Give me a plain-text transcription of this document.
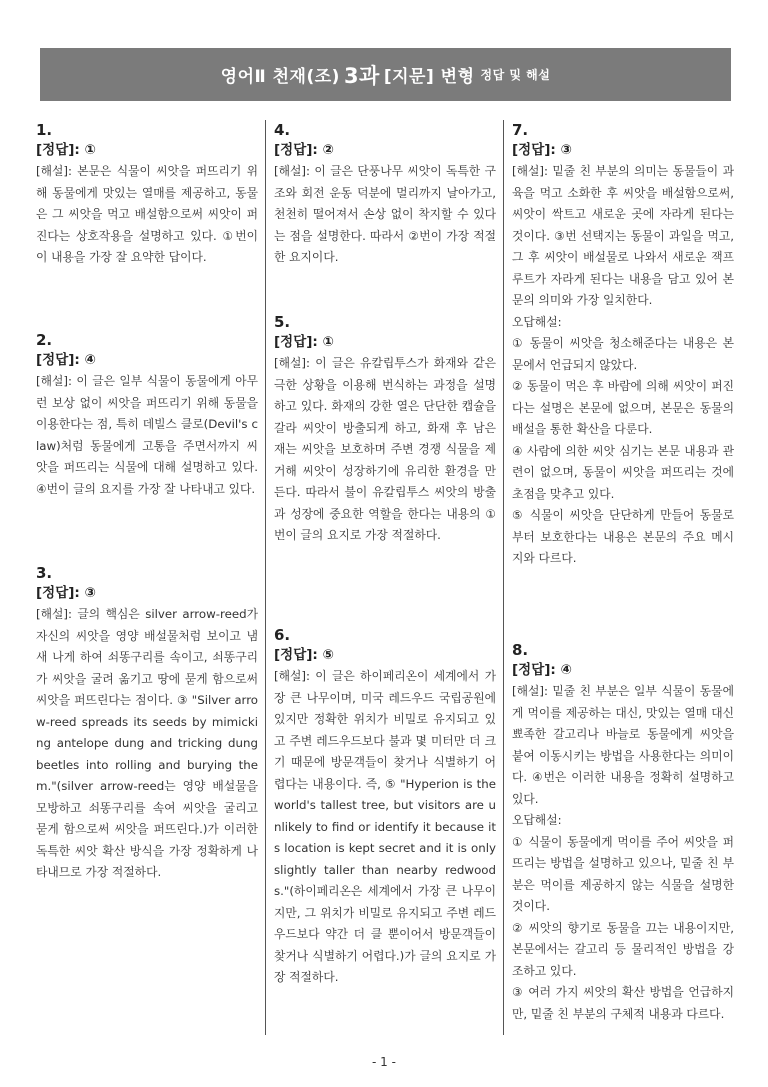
영어Ⅱ 천재(조) 3과 [지문] 변형 정답 및 해설
1.
[정답]: ①

[해설]: 본문은 식물이 씨앗을 퍼뜨리기 위해 동물에게 맛있는 열매를 제공하고, 동물은 그 씨앗을 먹고 배설함으로써 씨앗이 퍼진다는 상호작용을 설명하고 있다. ①번이 이 내용을 가장 잘 요약한 답이다.

2.
[정답]: ④

[해설]: 이 글은 일부 식물이 동물에게 아무런 보상 없이 씨앗을 퍼뜨리기 위해 동물을 이용한다는 점, 특히 데빌스 클로(Devil's claw)처럼 동물에게 고통을 주면서까지 씨앗을 퍼뜨리는 식물에 대해 설명하고 있다. ④번이 글의 요지를 가장 잘 나타내고 있다.

3.
[정답]: ③

[해설]: 글의 핵심은 silver arrow-reed가 자신의 씨앗을 영양 배설물처럼 보이고 냄새 나게 하여 쇠똥구리를 속이고, 쇠똥구리가 씨앗을 굴려 옮기고 땅에 묻게 함으로써 씨앗을 퍼뜨린다는 점이다. ③ "Silver arrow-reed spreads its seeds by mimicking antelope dung and tricking dung beetles into rolling and burying them."(silver arrow-reed는 영양 배설물을 모방하고 쇠똥구리를 속여 씨앗을 굴리고 묻게 함으로써 씨앗을 퍼뜨린다.)가 이러한 독특한 씨앗 확산 방식을 가장 정확하게 나타내므로 가장 적절하다.

4.
[정답]: ②

[해설]: 이 글은 단풍나무 씨앗이 독특한 구조와 회전 운동 덕분에 멀리까지 날아가고, 천천히 떨어져서 손상 없이 착지할 수 있다는 점을 설명한다. 따라서 ②번이 가장 적절한 요지이다.

5.
[정답]: ①

[해설]: 이 글은 유칼립투스가 화재와 같은 극한 상황을 이용해 번식하는 과정을 설명하고 있다. 화재의 강한 열은 단단한 캡슐을 갈라 씨앗이 방출되게 하고, 화재 후 남은 재는 씨앗을 보호하며 주변 경쟁 식물을 제거해 씨앗이 성장하기에 유리한 환경을 만든다. 따라서 불이 유칼립투스 씨앗의 방출과 성장에 중요한 역할을 한다는 내용의 ①번이 글의 요지로 가장 적절하다.

6.
[정답]: ⑤

[해설]: 이 글은 하이페리온이 세계에서 가장 큰 나무이며, 미국 레드우드 국립공원에 있지만 정확한 위치가 비밀로 유지되고 있고 주변 레드우드보다 불과 몇 미터만 더 크기 때문에 방문객들이 찾거나 식별하기 어렵다는 내용이다. 즉, ⑤ "Hyperion is the world's tallest tree, but visitors are unlikely to find or identify it because its location is kept secret and it is only slightly taller than nearby redwoods."(하이페리온은 세계에서 가장 큰 나무이지만, 그 위치가 비밀로 유지되고 주변 레드우드보다 약간 더 클 뿐이어서 방문객들이 찾거나 식별하기 어렵다.)가 글의 요지로 가장 적절하다.

7.
[정답]: ③

[해설]: 밑줄 친 부분의 의미는 동물들이 과육을 먹고 소화한 후 씨앗을 배설함으로써, 씨앗이 싹트고 새로운 곳에 자라게 된다는 것이다. ③번 선택지는 동물이 과일을 먹고, 그 후 씨앗이 배설물로 나와서 새로운 잭프루트가 자라게 된다는 내용을 담고 있어 본문의 의미와 가장 일치한다.

오답해설:

① 동물이 씨앗을 청소해준다는 내용은 본문에서 언급되지 않았다.

② 동물이 먹은 후 바람에 의해 씨앗이 퍼진다는 설명은 본문에 없으며, 본문은 동물의 배설을 통한 확산을 다룬다.

④ 사람에 의한 씨앗 심기는 본문 내용과 관련이 없으며, 동물이 씨앗을 퍼뜨리는 것에 초점을 맞추고 있다.

⑤ 식물이 씨앗을 단단하게 만들어 동물로부터 보호한다는 내용은 본문의 주요 메시지와 다르다.

8.
[정답]: ④

[해설]: 밑줄 친 부분은 일부 식물이 동물에게 먹이를 제공하는 대신, 맛있는 열매 대신 뾰족한 갈고리나 바늘로 동물에게 씨앗을 붙여 이동시키는 방법을 사용한다는 의미이다. ④번은 이러한 내용을 정확히 설명하고 있다.

오답해설:

① 식물이 동물에게 먹이를 주어 씨앗을 퍼뜨리는 방법을 설명하고 있으나, 밑줄 친 부분은 먹이를 제공하지 않는 식물을 설명한 것이다.

② 씨앗의 향기로 동물을 끄는 내용이지만, 본문에서는 갈고리 등 물리적인 방법을 강조하고 있다.

③ 여러 가지 씨앗의 확산 방법을 언급하지만, 밑줄 친 부분의 구체적 내용과 다르다.

- 1 -
